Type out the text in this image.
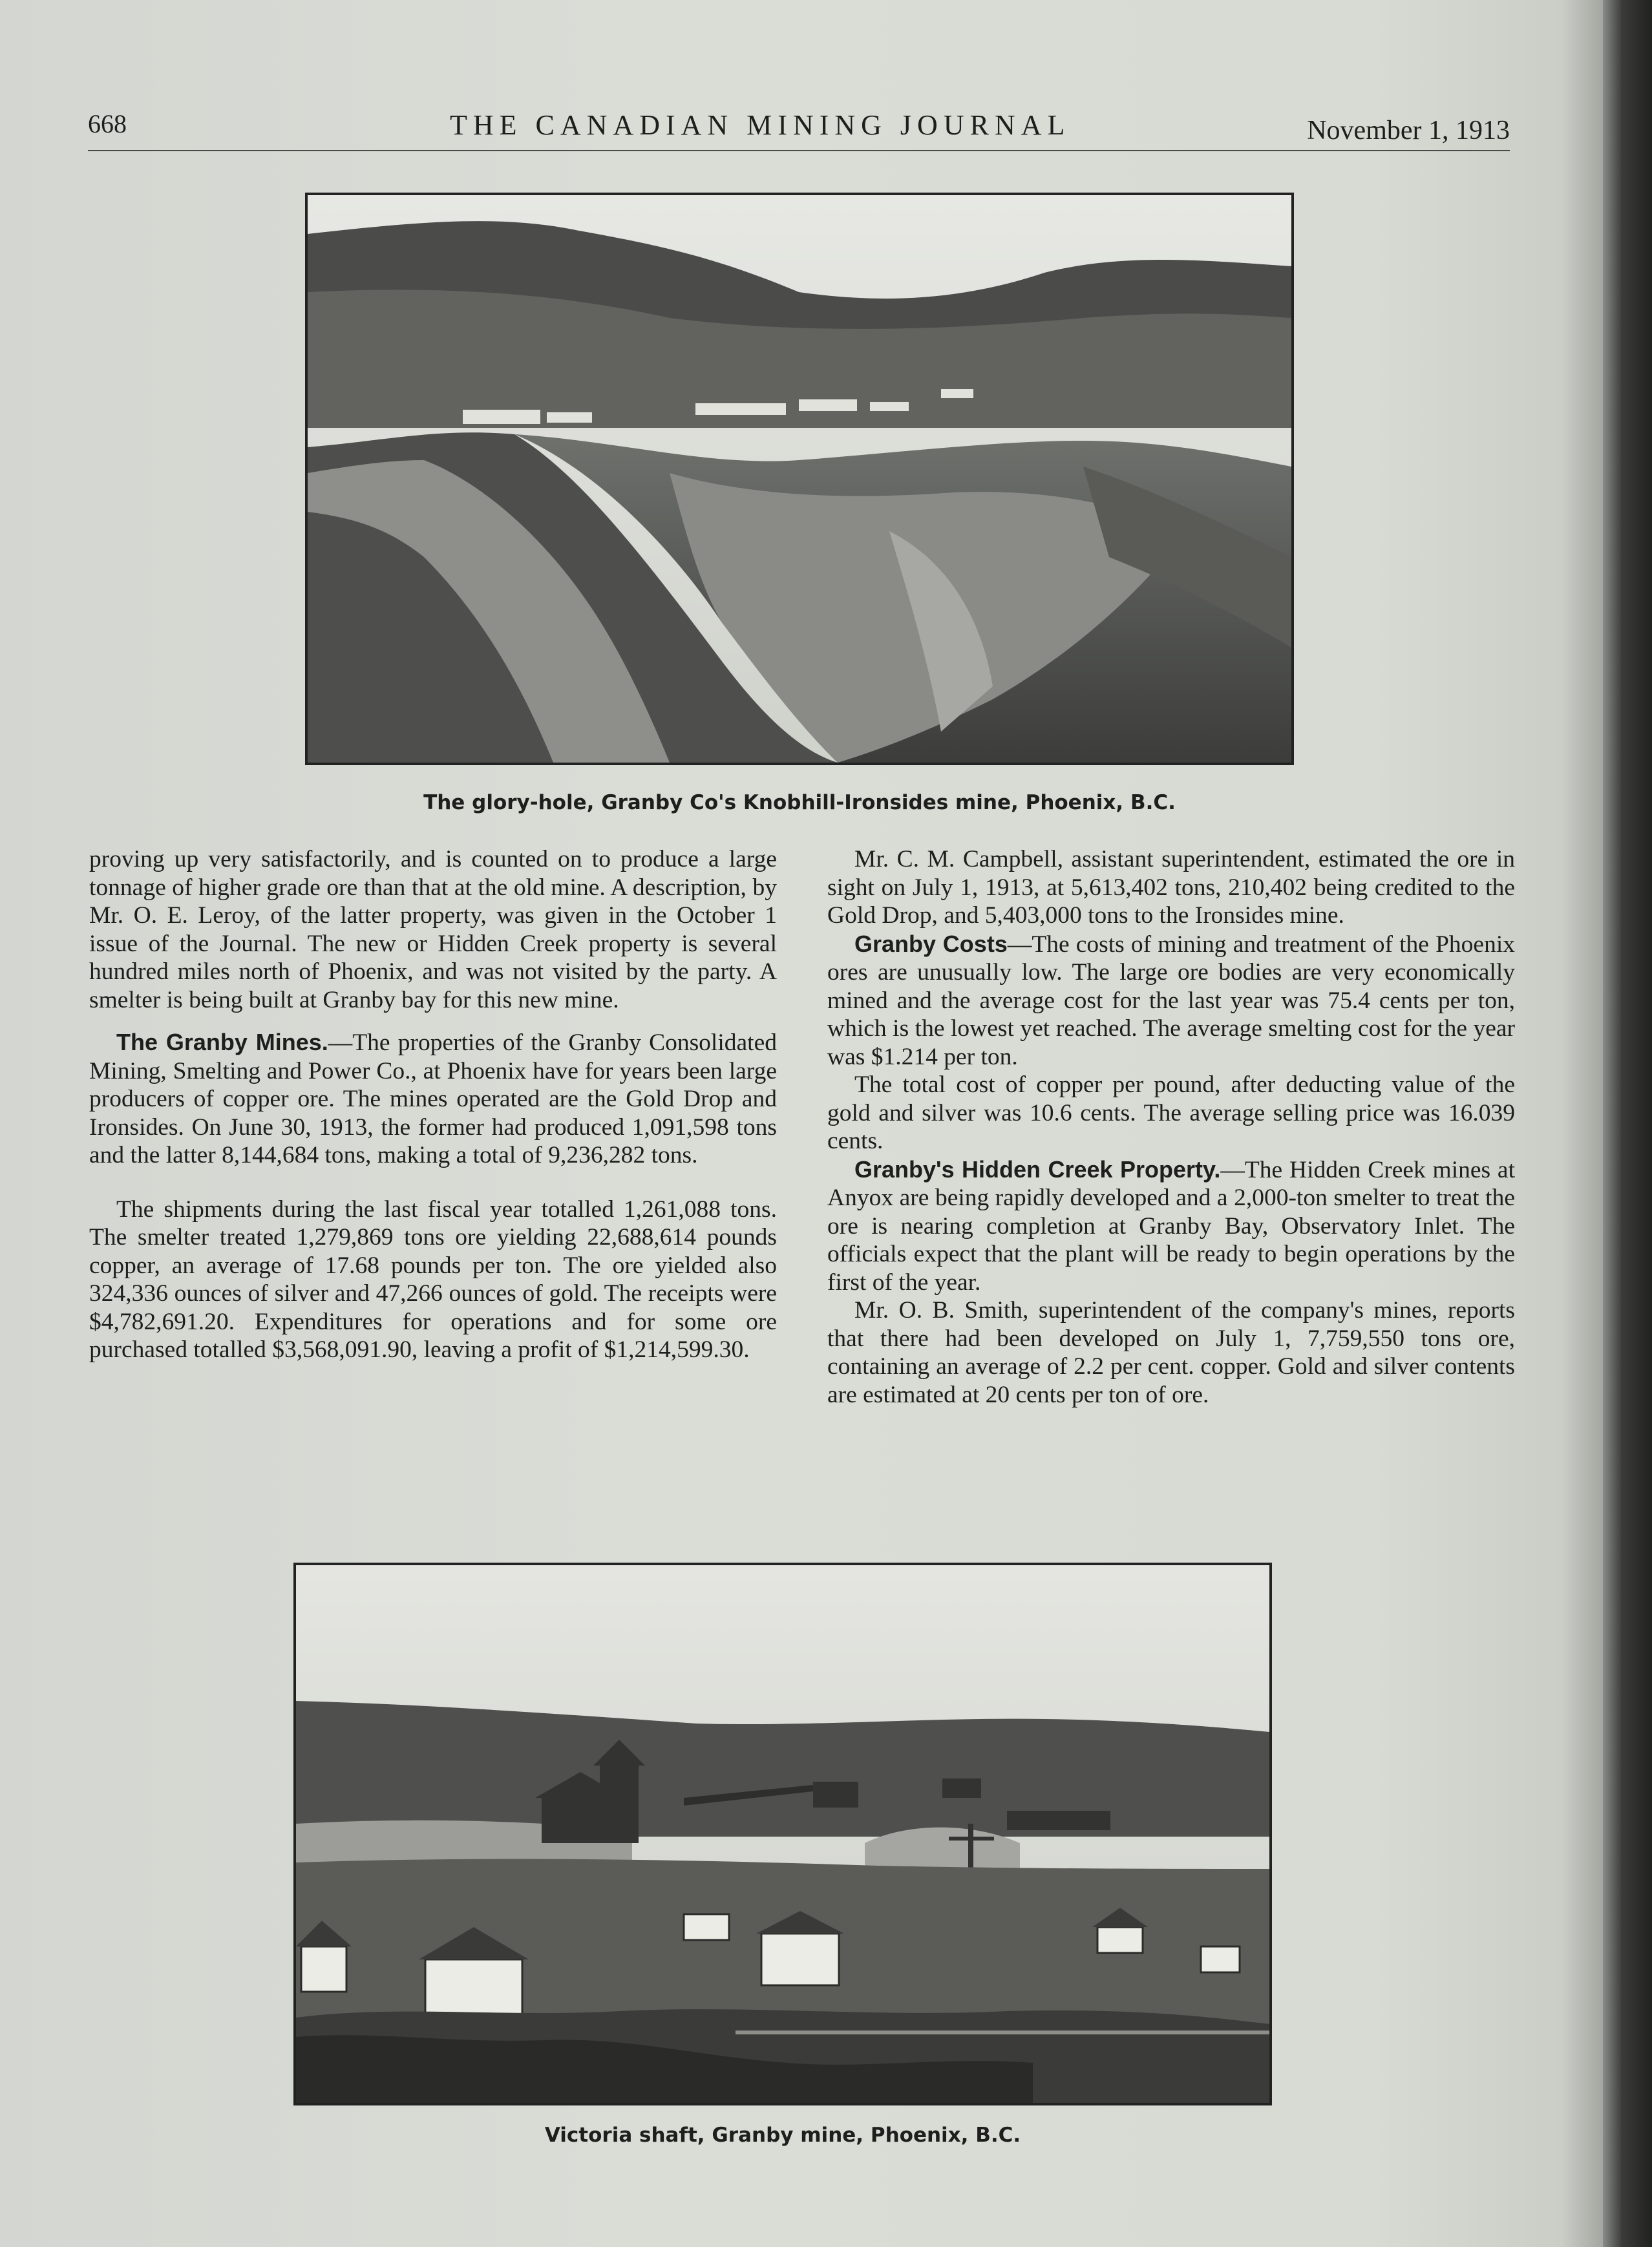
668	THE CANADIAN MINING JOURNAL	November 1, 1913
The glory-hole, Granby Co's Knobhill-Ironsides mine, Phoenix, B.C.

proving up very satisfactorily, and is counted on to produce a large tonnage of higher grade ore than that at the old mine. A description, by Mr. O. E. Leroy, of the latter property, was given in the October 1 issue of the Journal. The new or Hidden Creek property is several hundred miles north of Phoenix, and was not visited by the party. A smelter is being built at Granby bay for this new mine.

The Granby Mines.—The properties of the Granby Consolidated Mining, Smelting and Power Co., at Phoenix have for years been large producers of copper ore. The mines operated are the Gold Drop and Ironsides. On June 30, 1913, the former had produced 1,091,598 tons and the latter 8,144,684 tons, making a total of 9,236,282 tons.

The shipments during the last fiscal year totalled 1,261,088 tons. The smelter treated 1,279,869 tons ore yielding 22,688,614 pounds copper, an average of 17.68 pounds per ton. The ore yielded also 324,336 ounces of silver and 47,266 ounces of gold. The receipts were $4,782,691.20. Expenditures for operations and for some ore purchased totalled $3,568,091.90, leaving a profit of $1,214,599.30.

Mr. C. M. Campbell, assistant superintendent, estimated the ore in sight on July 1, 1913, at 5,613,402 tons, 210,402 being credited to the Gold Drop, and 5,403,000 tons to the Ironsides mine.

Granby Costs—The costs of mining and treatment of the Phoenix ores are unusually low. The large ore bodies are very economically mined and the average cost for the last year was 75.4 cents per ton, which is the lowest yet reached. The average smelting cost for the year was $1.214 per ton.

The total cost of copper per pound, after deducting value of the gold and silver was 10.6 cents. The average selling price was 16.039 cents.

Granby's Hidden Creek Property.—The Hidden Creek mines at Anyox are being rapidly developed and a 2,000-ton smelter to treat the ore is nearing completion at Granby Bay, Observatory Inlet. The officials expect that the plant will be ready to begin operations by the first of the year.

Mr. O. B. Smith, superintendent of the company's mines, reports that there had been developed on July 1, 7,759,550 tons ore, containing an average of 2.2 per cent. copper. Gold and silver contents are estimated at 20 cents per ton of ore.

Victoria shaft, Granby mine, Phoenix, B.C.
